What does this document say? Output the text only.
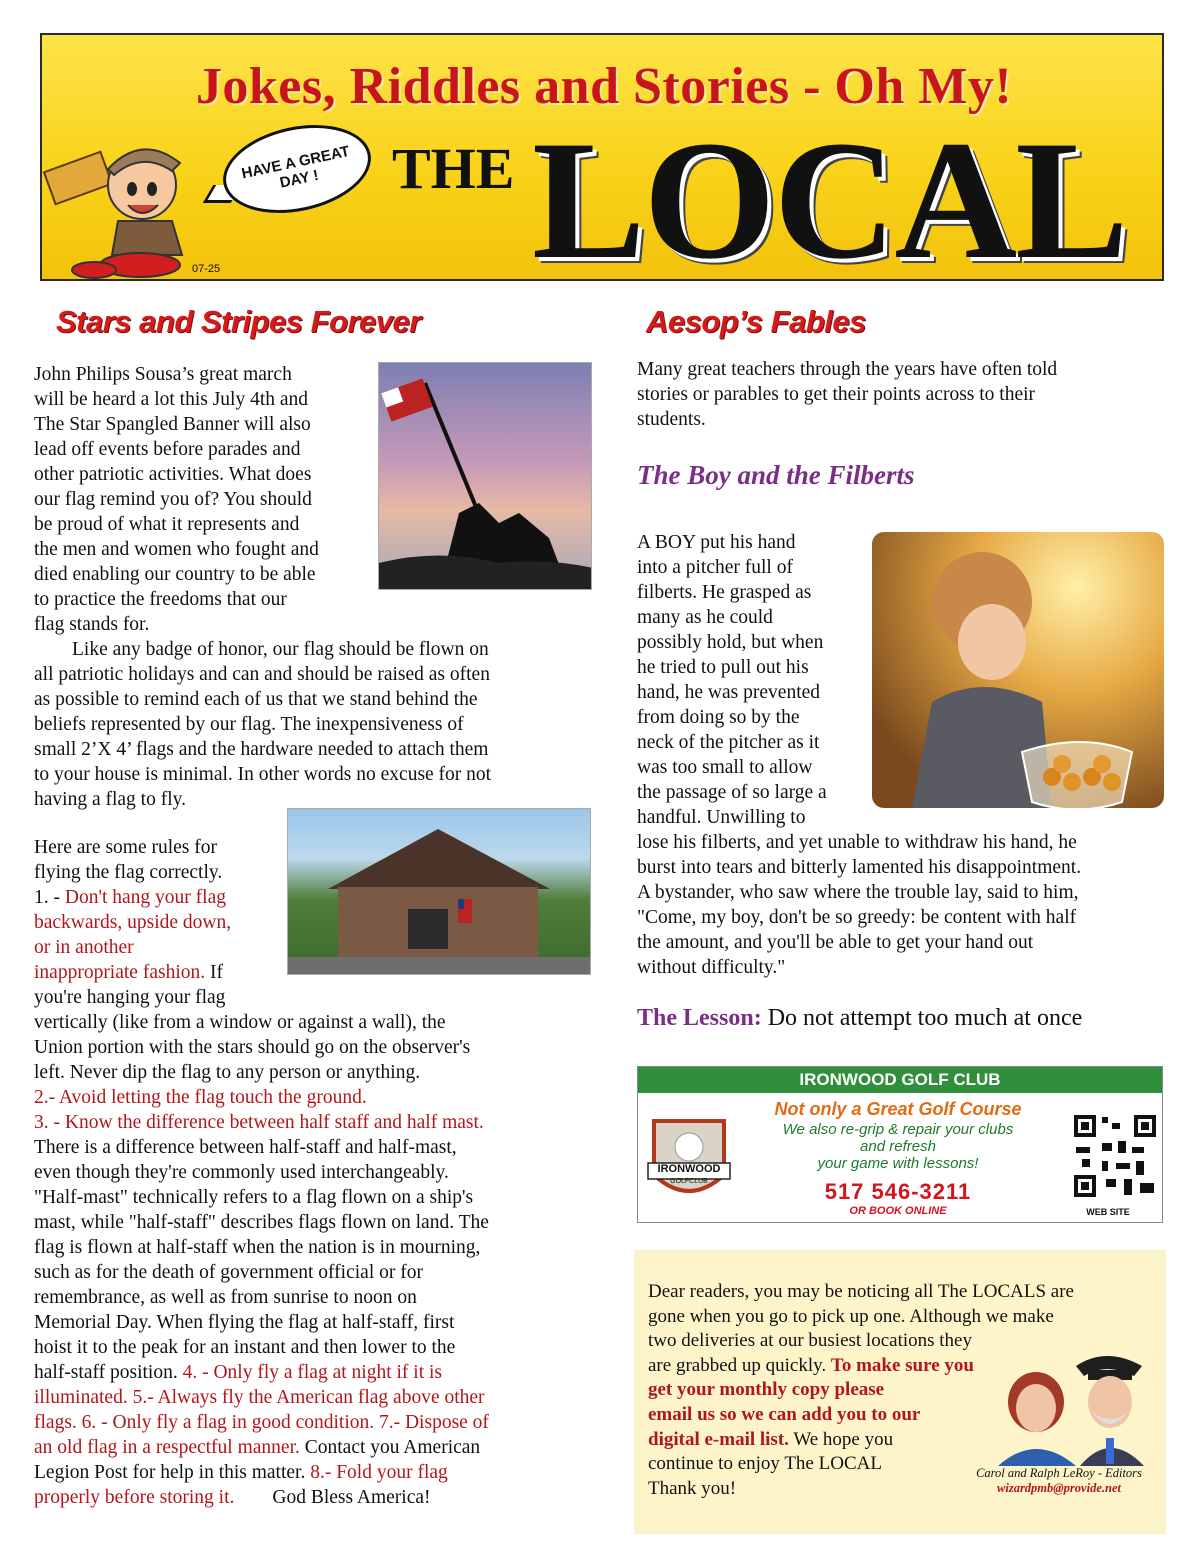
Jokes, Riddles and Stories - Oh My!
HAVE A GREAT DAY !
07-25
THE LOCAL
Stars and Stripes Forever
John Philips Sousa’s great march
will be heard a lot this July 4th and
The Star Spangled Banner will also
lead off events before parades and
other patriotic activities. What does
our flag remind you of? You should
be proud of what it represents and
the men and women who fought and
died enabling our country to be able
to practice the freedoms that our
flag stands for.
Like any badge of honor, our flag should be flown on
all patriotic holidays and can and should be raised as often
as possible to remind each of us that we stand behind the
beliefs represented by our flag. The inexpensiveness of
small 2’X 4’ flags and the hardware needed to attach them
to your house is minimal. In other words no excuse for not
having a flag to fly.
Here are some rules for
flying the flag correctly.
1. - Don't hang your flag
backwards, upside down,
or in another
inappropriate fashion. If
you're hanging your flag
vertically (like from a window or against a wall), the
Union portion with the stars should go on the observer's
left. Never dip the flag to any person or anything.
2.- Avoid letting the flag touch the ground.
3. - Know the difference between half staff and half mast.
There is a difference between half-staff and half-mast,
even though they're commonly used interchangeably.
"Half-mast" technically refers to a flag flown on a ship's
mast, while "half-staff" describes flags flown on land. The
flag is flown at half-staff when the nation is in mourning,
such as for the death of government official or for
remembrance, as well as from sunrise to noon on
Memorial Day. When flying the flag at half-staff, first
hoist it to the peak for an instant and then lower to the
half-staff position. 4. - Only fly a flag at night if it is
illuminated. 5.- Always fly the American flag above other
flags. 6. - Only fly a flag in good condition. 7.- Dispose of
an old flag in a respectful manner. Contact you American
Legion Post for help in this matter. 8.- Fold your flag
properly before storing it. God Bless America!
Aesop’s Fables
Many great teachers through the years have often told
stories or parables to get their points across to their
students.
The Boy and the Filberts
A BOY put his hand
into a pitcher full of
filberts. He grasped as
many as he could
possibly hold, but when
he tried to pull out his
hand, he was prevented
from doing so by the
neck of the pitcher as it
was too small to allow
the passage of so large a
handful. Unwilling to
lose his filberts, and yet unable to withdraw his hand, he
burst into tears and bitterly lamented his disappointment.
A bystander, who saw where the trouble lay, said to him,
"Come, my boy, don't be so greedy: be content with half
the amount, and you'll be able to get your hand out
without difficulty."
The Lesson: Do not attempt too much at once
IRONWOOD GOLF CLUB
IRONWOOD
GOLFCLUB
Not only a Great Golf Course
We also re-grip & repair your clubs
and refresh
your game with lessons!
517 546-3211
OR BOOK ONLINE	WEB SITE
Dear readers, you may be noticing all The LOCALS are
gone when you go to pick up one. Although we make
two deliveries at our busiest locations they
are grabbed up quickly. To make sure you
get your monthly copy please
email us so we can add you to our
digital e-mail list. We hope you
continue to enjoy The LOCAL
Thank you!
Carol and Ralph LeRoy - Editors
wizardpmb@provide.net
